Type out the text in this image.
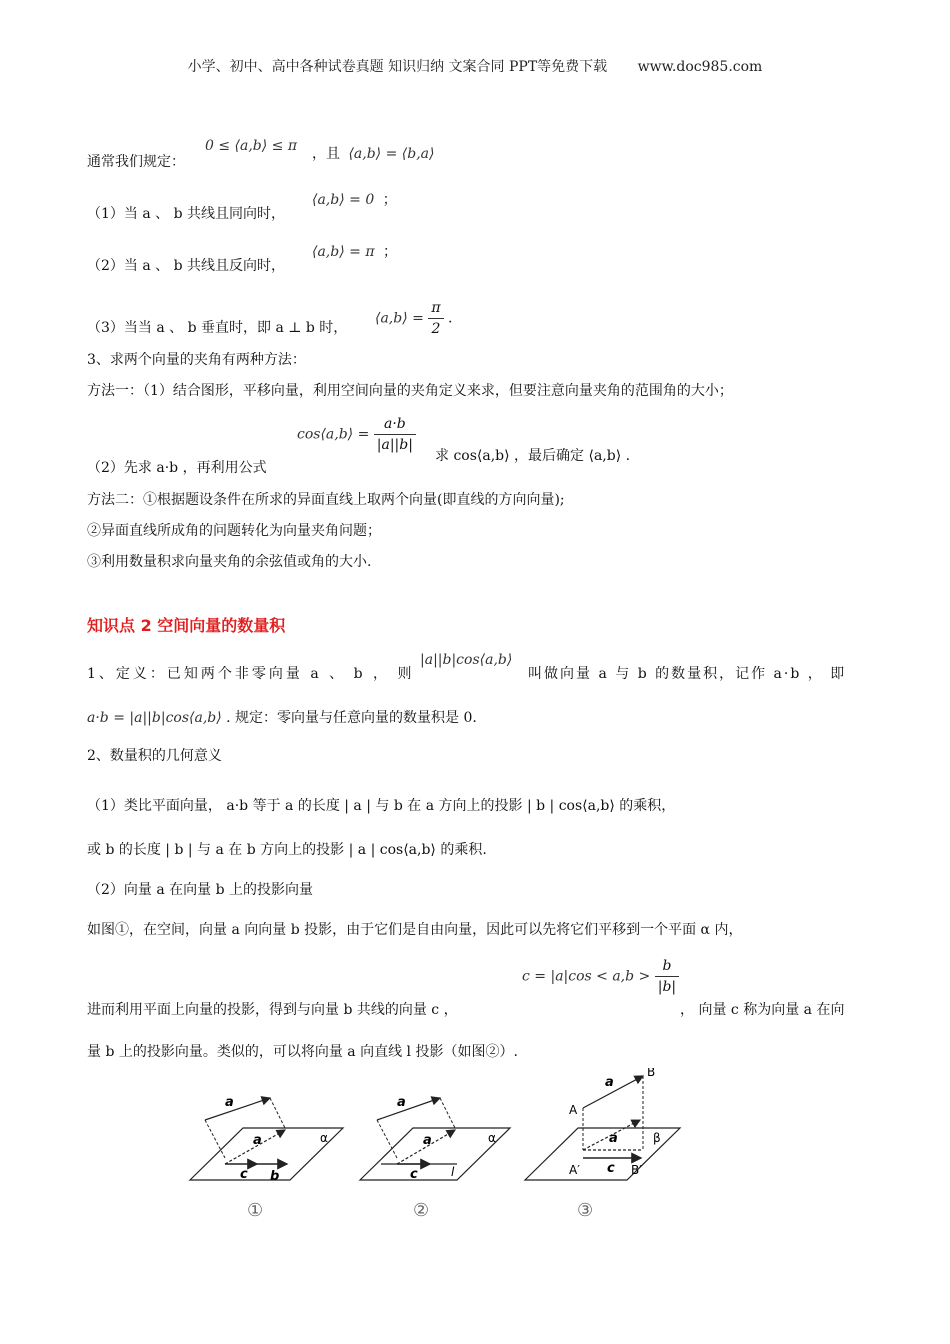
小学、初中、高中各种试卷真题 知识归纳 文案合同 PPT等免费下载 www.doc985.com
0 ≤ ⟨a,b⟩ ≤ π
通常我们规定：	，且 ⟨a,b⟩ = ⟨b,a⟩
（1）当 a 、 b 共线且同向时，
⟨a,b⟩ = 0 ；
（2）当 a 、 b 共线且反向时，
⟨a,b⟩ = π ；
（3）当当 a 、 b 垂直时，即 a ⊥ b 时，
⟨a,b⟩ = $\frac{\pi}{2}$ .
3、求两个向量的夹角有两种方法：
方法一：（1）结合图形，平移向量，利用空间向量的夹角定义来求，但要注意向量夹角的范围角的大小；
cos⟨a,b⟩ = $\frac{a\cdot b}{|a||b|}$
（2）先求 a·b ，再利用公式
求 cos⟨a,b⟩ ，最后确定 ⟨a,b⟩ .
方法二：①根据题设条件在所求的异面直线上取两个向量(即直线的方向向量);
②异面直线所成角的问题转化为向量夹角问题；
③利用数量积求向量夹角的余弦值或角的大小.
知识点 2 空间向量的数量积
1、定义：已知两个非零向量 a 、 b ， 则
|a||b|cos⟨a,b⟩
叫做向量 a 与 b 的数量积，记作 a·b ， 即
a·b = |a||b|cos⟨a,b⟩ . 规定：零向量与任意向量的数量积是 0.
2、数量积的几何意义
（1）类比平面向量， a·b 等于 a 的长度 | a | 与 b 在 a 方向上的投影 | b | cos⟨a,b⟩ 的乘积，
或 b 的长度 | b | 与 a 在 b 方向上的投影 | a | cos⟨a,b⟩ 的乘积.
（2）向量 a 在向量 b 上的投影向量
如图①，在空间，向量 a 向向量 b 投影，由于它们是自由向量，因此可以先将它们平移到一个平面 α 内，
$c = |a|\cos < a,b > \frac{b}{|b|}$
进而利用平面上向量的投影，得到与向量 b 共线的向量 c ，	， 向量 c 称为向量 a 在向
量 b 上的投影向量。类似的，可以将向量 a 向直线 l 投影（如图②）.
a
a
c b
α
①
a
a
c	l
α
②
a
a
c
A
B
A′	B′
β
③
